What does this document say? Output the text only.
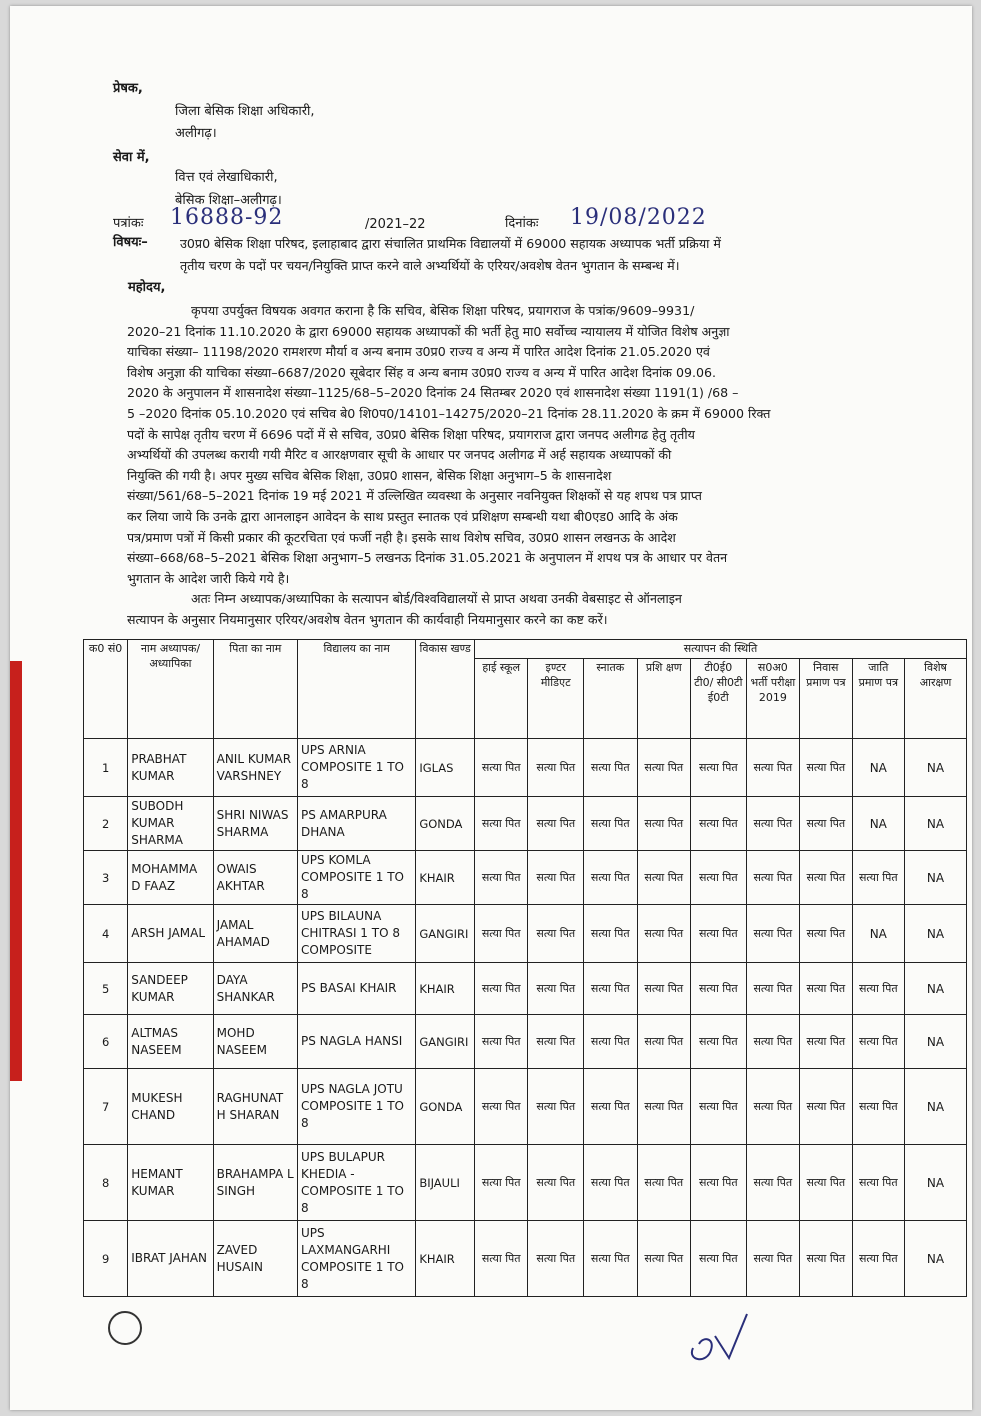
प्रेषक,
जिला बेसिक शिक्षा अधिकारी,
अलीगढ़।
सेवा में,
वित्त एवं लेखाधिकारी,
बेसिक शिक्षा–अलीगढ़।
पत्रांकः 16888-92	/2021–22	दिनांकः 19/08/2022
विषयः–	उ0प्र0 बेसिक शिक्षा परिषद, इलाहाबाद द्वारा संचालित प्राथमिक विद्यालयों में 69000 सहायक अध्यापक भर्ती प्रक्रिया में
तृतीय चरण के पदों पर चयन/नियुक्ति प्राप्त करने वाले अभ्यर्थियों के एरियर/अवशेष वेतन भुगतान के सम्बन्ध में।
महोदय,
कृपया उपर्युक्त विषयक अवगत कराना है कि सचिव, बेसिक शिक्षा परिषद, प्रयागराज के पत्रांक/9609–9931/
2020–21 दिनांक 11.10.2020 के द्वारा 69000 सहायक अध्यापकों की भर्ती हेतु मा0 सर्वोच्च न्यायालय में योजित विशेष अनुज्ञा
याचिका संख्या– 11198/2020 रामशरण मौर्या व अन्य बनाम उ0प्र0 राज्य व अन्य में पारित आदेश दिनांक 21.05.2020 एवं
विशेष अनुज्ञा की याचिका संख्या–6687/2020 सूबेदार सिंह व अन्य बनाम उ0प्र0 राज्य व अन्य में पारित आदेश दिनांक 09.06.
2020 के अनुपालन में शासनादेश संख्या–1125/68–5–2020 दिनांक 24 सितम्बर 2020 एवं शासनादेश संख्या 1191(1) /68 –
5 –2020 दिनांक 05.10.2020 एवं सचिव बे0 शि0प0/14101–14275/2020–21 दिनांक 28.11.2020 के क्रम में 69000 रिक्त
पदों के सापेक्ष तृतीय चरण में 6696 पदों में से सचिव, उ0प्र0 बेसिक शिक्षा परिषद, प्रयागराज द्वारा जनपद अलीगढ हेतु तृतीय
अभ्यर्थियों की उपलब्ध करायी गयी मैरिट व आरक्षणवार सूची के आधार पर जनपद अलीगढ में अर्ह सहायक अध्यापकों की
नियुक्ति की गयी है। अपर मुख्य सचिव बेसिक शिक्षा, उ0प्र0 शासन, बेसिक शिक्षा अनुभाग–5 के शासनादेश
संख्या/561/68–5–2021 दिनांक 19 मई 2021 में उल्लिखित व्यवस्था के अनुसार नवनियुक्त शिक्षकों से यह शपथ पत्र प्राप्त
कर लिया जाये कि उनके द्वारा आनलाइन आवेदन के साथ प्रस्तुत स्नातक एवं प्रशिक्षण सम्बन्धी यथा बी0एड0 आदि के अंक
पत्र/प्रमाण पत्रों में किसी प्रकार की कूटरचिता एवं फर्जी नही है। इसके साथ विशेष सचिव, उ0प्र0 शासन लखनऊ के आदेश
संख्या–668/68–5–2021 बेसिक शिक्षा अनुभाग–5 लखनऊ दिनांक 31.05.2021 के अनुपालन में शपथ पत्र के आधार पर वेतन
भुगतान के आदेश जारी किये गये है।
अतः निम्न अध्यापक/अध्यापिका के सत्यापन बोर्ड/विश्वविद्यालयों से प्राप्त अथवा उनकी वेबसाइट से ऑनलाइन
सत्यापन के अनुसार नियमानुसार एरियर/अवशेष वेतन भुगतान की कार्यवाही नियमानुसार करने का कष्ट करें।
क0 सं0	नाम अध्यापक/ अध्यापिका	पिता का नाम	विद्यालय का नाम	विकास खण्ड	सत्यापन की स्थिति								
					हाई स्कूल	इण्टर मीडिएट	स्नातक	प्रशि क्षण	टी0ई0 टी0/ सी0टी ई0टी	स0अ0 भर्ती परीक्षा 2019	निवास प्रमाण पत्र	जाति प्रमाण पत्र	विशेष आरक्षण
1	PRABHAT KUMAR	ANIL KUMAR VARSHNEY	UPS ARNIA COMPOSITE 1 TO 8	IGLAS	सत्या पित	सत्या पित	सत्या पित	सत्या पित	सत्या पित	सत्या पित	सत्या पित	NA	NA
2	SUBODH KUMAR SHARMA	SHRI NIWAS SHARMA	PS AMARPURA DHANA	GONDA	सत्या पित	सत्या पित	सत्या पित	सत्या पित	सत्या पित	सत्या पित	सत्या पित	NA	NA
3	MOHAMMA D FAAZ	OWAIS AKHTAR	UPS KOMLA COMPOSITE 1 TO 8	KHAIR	सत्या पित	सत्या पित	सत्या पित	सत्या पित	सत्या पित	सत्या पित	सत्या पित	सत्या पित	NA
4	ARSH JAMAL	JAMAL AHAMAD	UPS BILAUNA CHITRASI 1 TO 8 COMPOSITE	GANGIRI	सत्या पित	सत्या पित	सत्या पित	सत्या पित	सत्या पित	सत्या पित	सत्या पित	NA	NA
5	SANDEEP KUMAR	DAYA SHANKAR	PS BASAI KHAIR	KHAIR	सत्या पित	सत्या पित	सत्या पित	सत्या पित	सत्या पित	सत्या पित	सत्या पित	सत्या पित	NA
6	ALTMAS NASEEM	MOHD NASEEM	PS NAGLA HANSI	GANGIRI	सत्या पित	सत्या पित	सत्या पित	सत्या पित	सत्या पित	सत्या पित	सत्या पित	सत्या पित	NA
7	MUKESH CHAND	RAGHUNAT H SHARAN	UPS NAGLA JOTU COMPOSITE 1 TO 8	GONDA	सत्या पित	सत्या पित	सत्या पित	सत्या पित	सत्या पित	सत्या पित	सत्या पित	सत्या पित	NA
8	HEMANT KUMAR	BRAHAMPA L SINGH	UPS BULAPUR KHEDIA - COMPOSITE 1 TO 8	BIJAULI	सत्या पित	सत्या पित	सत्या पित	सत्या पित	सत्या पित	सत्या पित	सत्या पित	सत्या पित	NA
9	IBRAT JAHAN	ZAVED HUSAIN	UPS LAXMANGARHI COMPOSITE 1 TO 8	KHAIR	सत्या पित	सत्या पित	सत्या पित	सत्या पित	सत्या पित	सत्या पित	सत्या पित	सत्या पित	NA
